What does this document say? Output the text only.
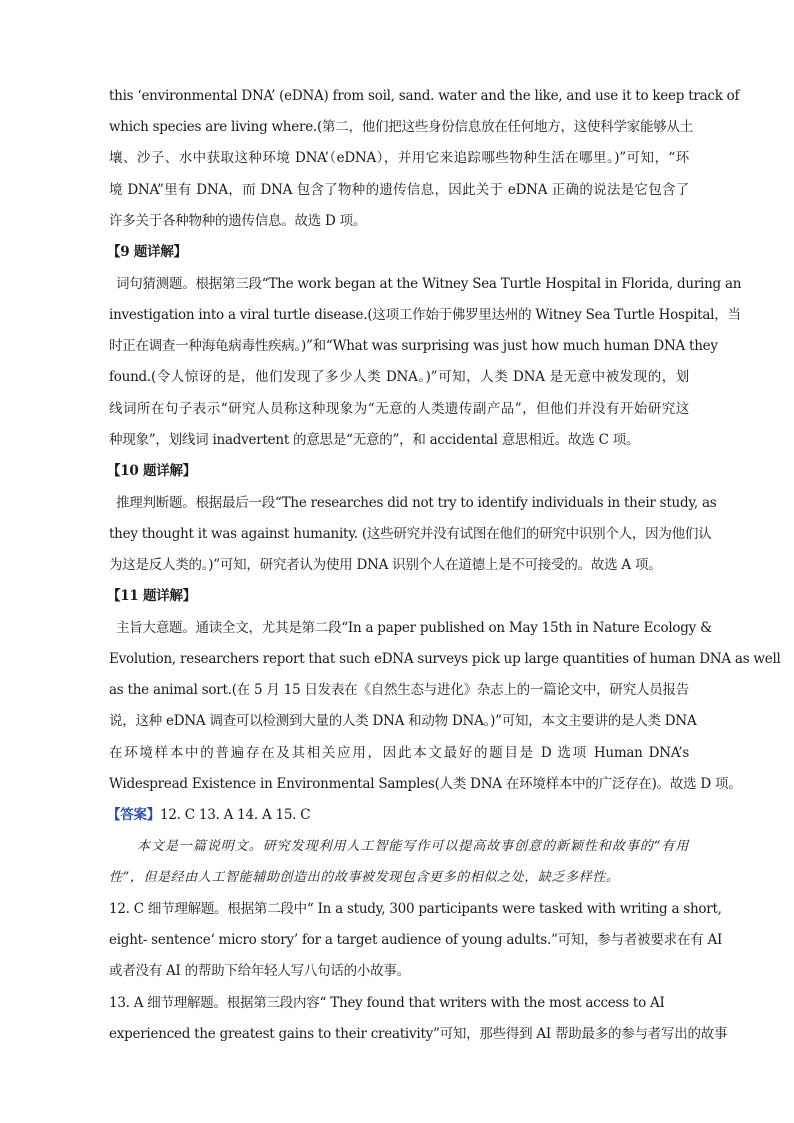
this ‘environmental DNA’ (eDNA) from soil, sand. water and the like, and use it to keep track of
which species are living where.(第二，他们把这些身份信息放在任何地方，这使科学家能够从土
壤、沙子、水中获取这种环境 DNA’（eDNA），并用它来追踪哪些物种生活在哪里。)”可知，“环
境 DNA”里有 DNA，而 DNA 包含了物种的遗传信息，因此关于 eDNA 正确的说法是它包含了
许多关于各种物种的遗传信息。故选 D 项。
【9 题详解】
词句猜测题。根据第三段“The work began at the Witney Sea Turtle Hospital in Florida, during an
investigation into a viral turtle disease.(这项工作始于佛罗里达州的 Witney Sea Turtle Hospital，当
时正在调查一种海龟病毒性疾病。)”和“What was surprising was just how much human DNA they
found.(令人惊讶的是，他们发现了多少人类 DNA。)”可知，人类 DNA 是无意中被发现的，划
线词所在句子表示“研究人员称这种现象为“无意的人类遗传副产品”，但他们并没有开始研究这
种现象”，划线词 inadvertent 的意思是“无意的”，和 accidental 意思相近。故选 C 项。
【10 题详解】
推理判断题。根据最后一段“The researches did not try to identify individuals in their study, as
they thought it was against humanity. (这些研究并没有试图在他们的研究中识别个人，因为他们认
为这是反人类的。)”可知，研究者认为使用 DNA 识别个人在道德上是不可接受的。故选 A 项。
【11 题详解】
主旨大意题。通读全文，尤其是第二段“In a paper published on May 15th in Nature Ecology &
Evolution, researchers report that such eDNA surveys pick up large quantities of human DNA as well
as the animal sort.(在 5 月 15 日发表在《自然生态与进化》杂志上的一篇论文中，研究人员报告
说，这种 eDNA 调查可以检测到大量的人类 DNA 和动物 DNA。)”可知，本文主要讲的是人类 DNA
在环境样本中的普遍存在及其相关应用，因此本文最好的题目是 D 选项 Human DNA’s
Widespread Existence in Environmental Samples(人类 DNA 在环境样本中的广泛存在)。故选 D 项。
【答案】12. C 13. A 14. A 15. C
本文是一篇说明文。研究发现利用人工智能写作可以提高故事创意的新颖性和故事的“有用
性”，但是经由人工智能辅助创造出的故事被发现包含更多的相似之处，缺乏多样性。
12. C 细节理解题。根据第二段中“ In a study, 300 participants were tasked with writing a short,
eight- sentence‘ micro story’ for a target audience of young adults.”可知，参与者被要求在有 AI
或者没有 AI 的帮助下给年轻人写八句话的小故事。
13. A 细节理解题。根据第三段内容“ They found that writers with the most access to AI
experienced the greatest gains to their creativity”可知，那些得到 AI 帮助最多的参与者写出的故事
